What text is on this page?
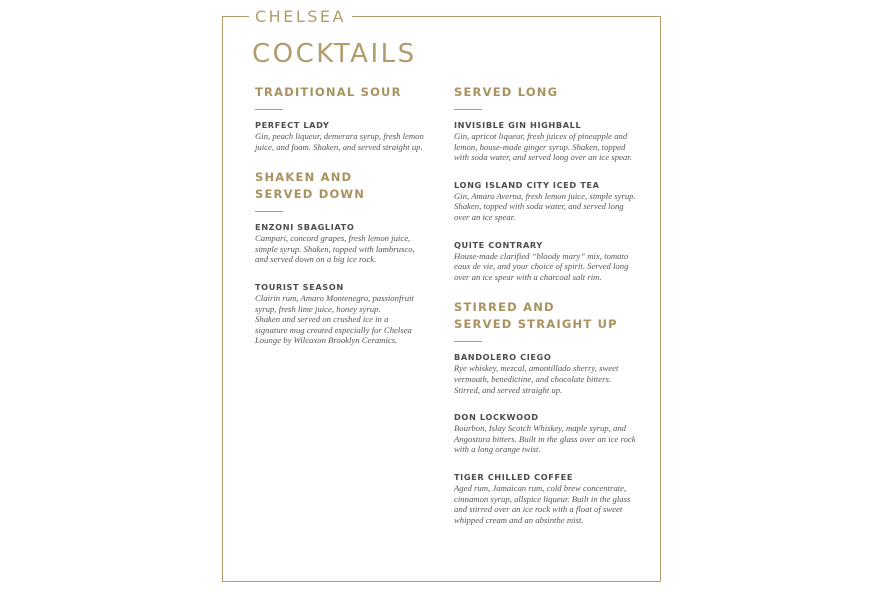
CHELSEA
COCKTAILS
TRADITIONAL SOUR
PERFECT LADY
Gin, peach liqueur, demerara syrup, fresh lemon
juice, and foam. Shaken, and served straight up.
SHAKEN AND
SERVED DOWN
ENZONI SBAGLIATO
Campari, concord grapes, fresh lemon juice,
simple syrup. Shaken, topped with lambrusco,
and served down on a big ice rock.
TOURIST SEASON
Clairin rum, Amaro Montenegro, passionfruit
syrup, fresh lime juice, honey syrup.
Shaken and served on crushed ice in a
signature mug created especially for Chelsea
Lounge by Wilcoxon Brooklyn Ceramics.
SERVED LONG
INVISIBLE GIN HIGHBALL
Gin, apricot liqueur, fresh juices of pineapple and
lemon, house-made ginger syrup. Shaken, topped
with soda water, and served long over an ice spear.
LONG ISLAND CITY ICED TEA
Gin, Amaro Averna, fresh lemon juice, simple syrup.
Shaken, topped with soda water, and served long
over an ice spear.
QUITE CONTRARY
House-made clarified “bloody mary” mix, tomato
eaux de vie, and your choice of spirit. Served long
over an ice spear with a charcoal salt rim.
STIRRED AND
SERVED STRAIGHT UP
BANDOLERO CIEGO
Rye whiskey, mezcal, amontillado sherry, sweet
vermouth, benedictine, and chocolate bitters.
Stirred, and served straight up.
DON LOCKWOOD
Bourbon, Islay Scotch Whiskey, maple syrup, and
Angostura bitters. Built in the glass over an ice rock
with a long orange twist.
TIGER CHILLED COFFEE
Aged rum, Jamaican rum, cold brew concentrate,
cinnamon syrup, allspice liqueur. Built in the glass
and stirred over an ice rock with a float of sweet
whipped cream and an absinthe mist.
